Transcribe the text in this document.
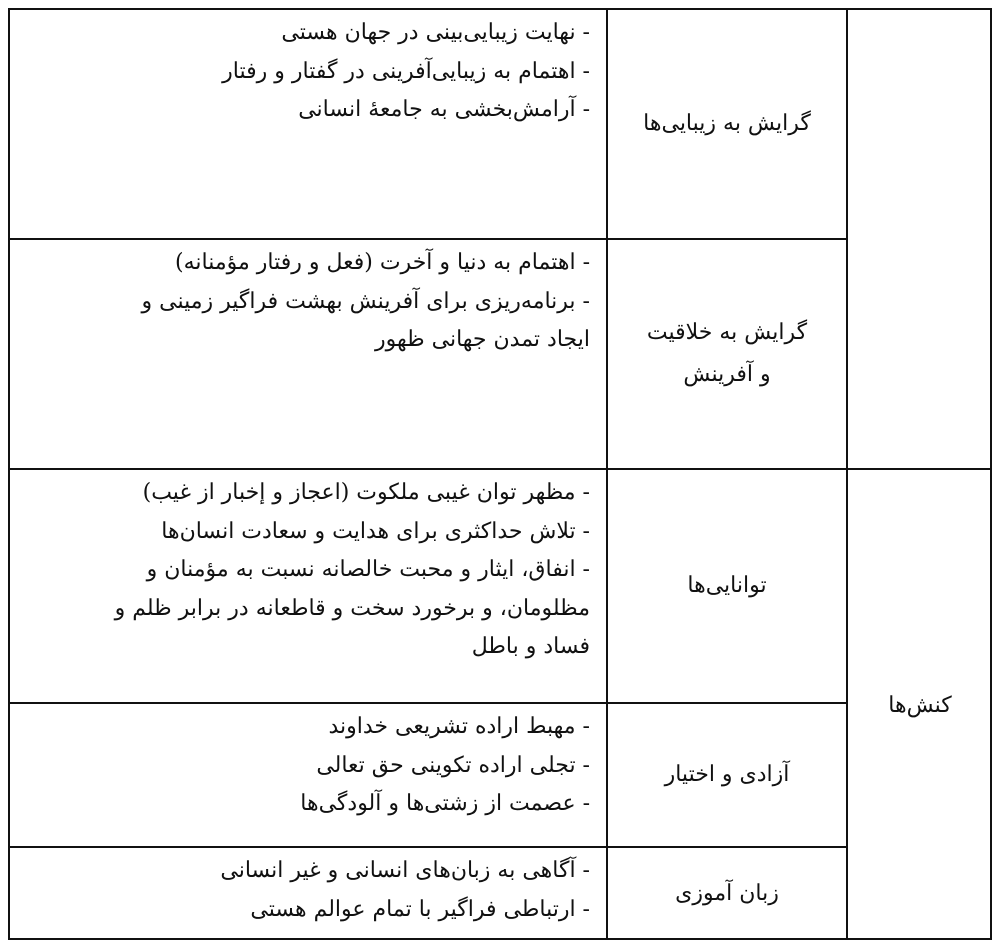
کنش‌ها
گرایش به زیبایی‌ها
- نهایت زیبایی‌بینی در جهان هستی
- اهتمام به زیبایی‌آفرینی در گفتار و رفتار
- آرامش‌بخشی به جامعهٔ انسانی
گرایش به خلاقیت و آفرینش
- اهتمام به دنیا و آخرت (فعل و رفتار مؤمنانه)
- برنامه‌ریزی برای آفرینش بهشت فراگیر زمینی و
ایجاد تمدن جهانی ظهور
توانایی‌ها
- مظهر توان غیبی ملکوت (اعجاز و إخبار از غیب)
- تلاش حداکثری برای هدایت و سعادت انسان‌ها
- انفاق، ایثار و محبت خالصانه نسبت به مؤمنان و
مظلومان، و برخورد سخت و قاطعانه در برابر ظلم و
فساد و باطل
آزادی و اختیار
- مهبط اراده تشریعی خداوند
- تجلی اراده تکوینی حق تعالی
- عصمت از زشتی‌ها و آلودگی‌ها
زبان آموزی
- آگاهی به زبان‌های انسانی و غیر انسانی
- ارتباطی فراگیر با تمام عوالم هستی
